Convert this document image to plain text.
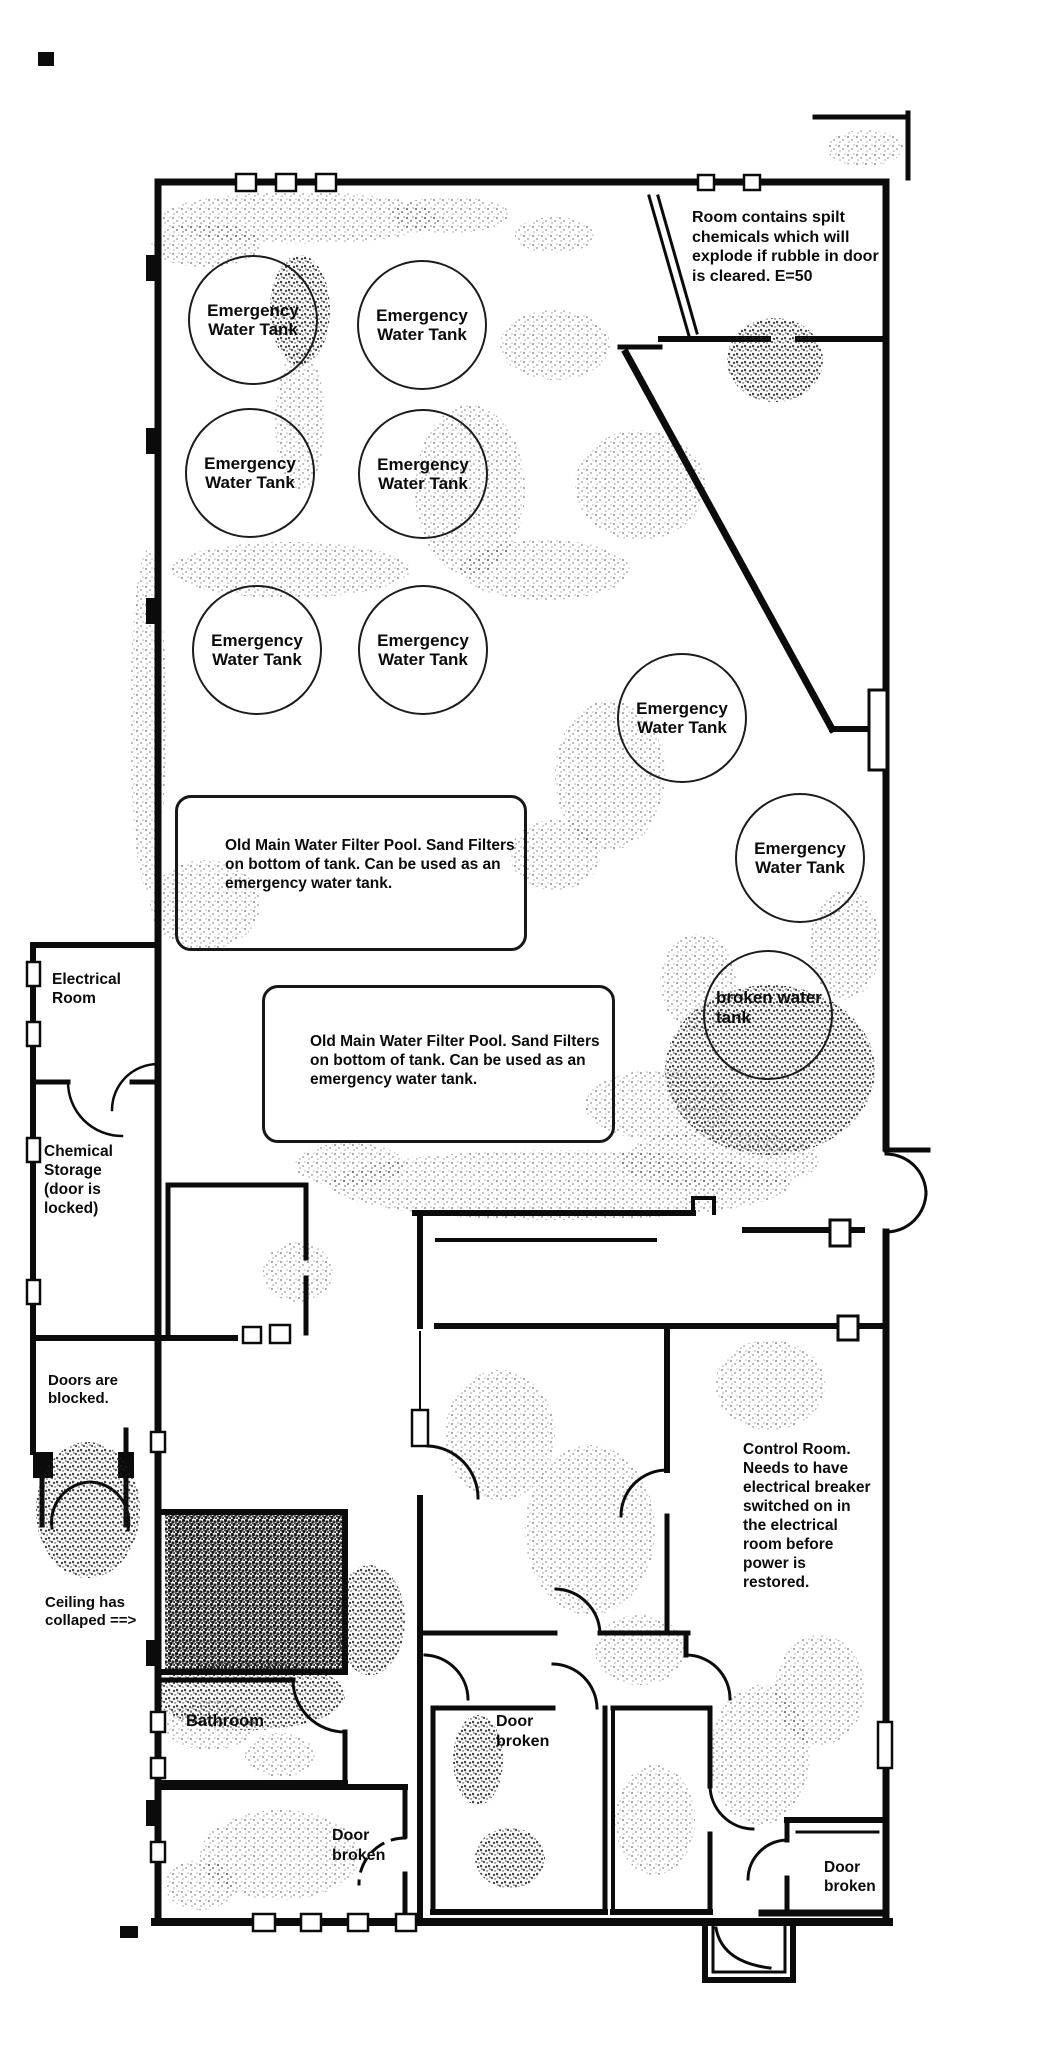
Emergency Water Tank
Emergency Water Tank
Emergency Water Tank
Emergency Water Tank
Emergency Water Tank
Emergency Water Tank
Emergency Water Tank
Emergency Water Tank
broken water tank
Old Main Water Filter Pool. Sand Filters on bottom of tank. Can be used as an emergency water tank.
Old Main Water Filter Pool. Sand Filters on bottom of tank. Can be used as an emergency water tank.
Room contains spilt chemicals which will explode if rubble in door is cleared. E=50
Control Room. Needs to have electrical breaker switched on in the electrical room before power is restored.
Electrical Room
Chemical Storage (door is locked)
Doors are blocked.
Ceiling has collaped ==>
Bathroom	Door broken
Door broken
Door broken
